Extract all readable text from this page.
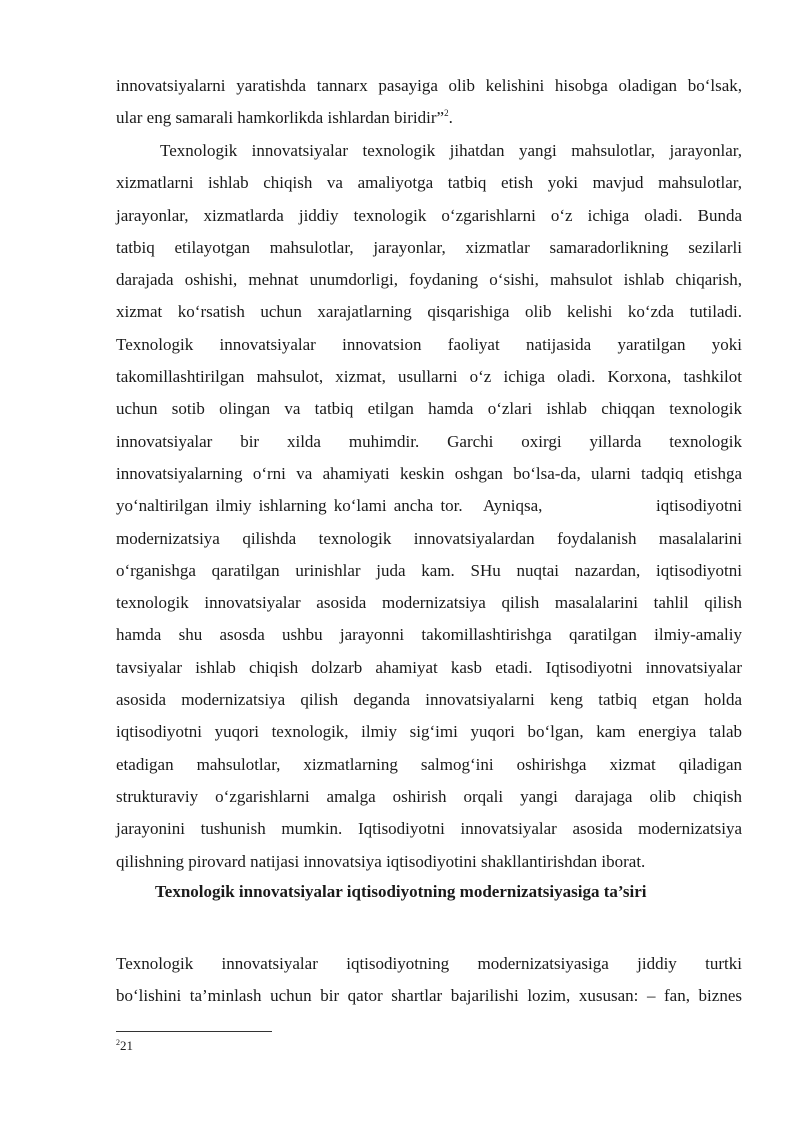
innovatsiyalarni yaratishda tannarx pasayiga olib kelishini hisobga oladigan bo‘lsak,
ular eng samarali hamkorlikda ishlardan biridir”$^2$.
Texnologik innovatsiyalar texnologik jihatdan yangi mahsulotlar, jarayonlar,
xizmatlarni ishlab chiqish va amaliyotga tatbiq etish yoki mavjud mahsulotlar,
jarayonlar, xizmatlarda jiddiy texnologik o‘zgarishlarni o‘z ichiga oladi. Bunda
tatbiq etilayotgan mahsulotlar, jarayonlar, xizmatlar samaradorlikning sezilarli
darajada oshishi, mehnat unumdorligi, foydaning o‘sishi, mahsulot ishlab chiqarish,
xizmat ko‘rsatish uchun xarajatlarning qisqarishiga olib kelishi ko‘zda tutiladi.
Texnologik innovatsiyalar innovatsion faoliyat natijasida yaratilgan yoki
takomillashtirilgan mahsulot, xizmat, usullarni o‘z ichiga oladi. Korxona, tashkilot
uchun sotib olingan va tatbiq etilgan hamda o‘zlari ishlab chiqqan texnologik
innovatsiyalar bir xilda muhimdir. Garchi oxirgi yillarda texnologik
innovatsiyalarning o‘rni va ahamiyati keskin oshgan bo‘lsa-da, ularni tadqiq etishga
yo‘naltirilgan ilmiy ishlarning ko‘lami ancha tor.   Ayniqsa,                iqtisodiyotni
modernizatsiya qilishda texnologik innovatsiyalardan foydalanish masalalarini
o‘rganishga qaratilgan urinishlar juda kam. SHu nuqtai nazardan, iqtisodiyotni
texnologik innovatsiyalar asosida modernizatsiya qilish masalalarini tahlil qilish
hamda shu asosda ushbu jarayonni takomillashtirishga qaratilgan ilmiy-amaliy
tavsiyalar ishlab chiqish dolzarb ahamiyat kasb etadi. Iqtisodiyotni innovatsiyalar
asosida modernizatsiya qilish deganda innovatsiyalarni keng tatbiq etgan holda
iqtisodiyotni yuqori texnologik, ilmiy sig‘imi yuqori bo‘lgan, kam energiya talab
etadigan mahsulotlar, xizmatlarning salmog‘ini oshirishga xizmat qiladigan
strukturaviy o‘zgarishlarni amalga oshirish orqali yangi darajaga olib chiqish
jarayonini tushunish mumkin. Iqtisodiyotni innovatsiyalar asosida modernizatsiya
qilishning pirovard natijasi innovatsiya iqtisodiyotini shakllantirishdan iborat.
Texnologik innovatsiyalar iqtisodiyotning modernizatsiyasiga ta’siri
Texnologik innovatsiyalar iqtisodiyotning modernizatsiyasiga jiddiy turtki
bo‘lishini ta’minlash uchun bir qator shartlar bajarilishi lozim, xususan: – fan, biznes
$^2$21
